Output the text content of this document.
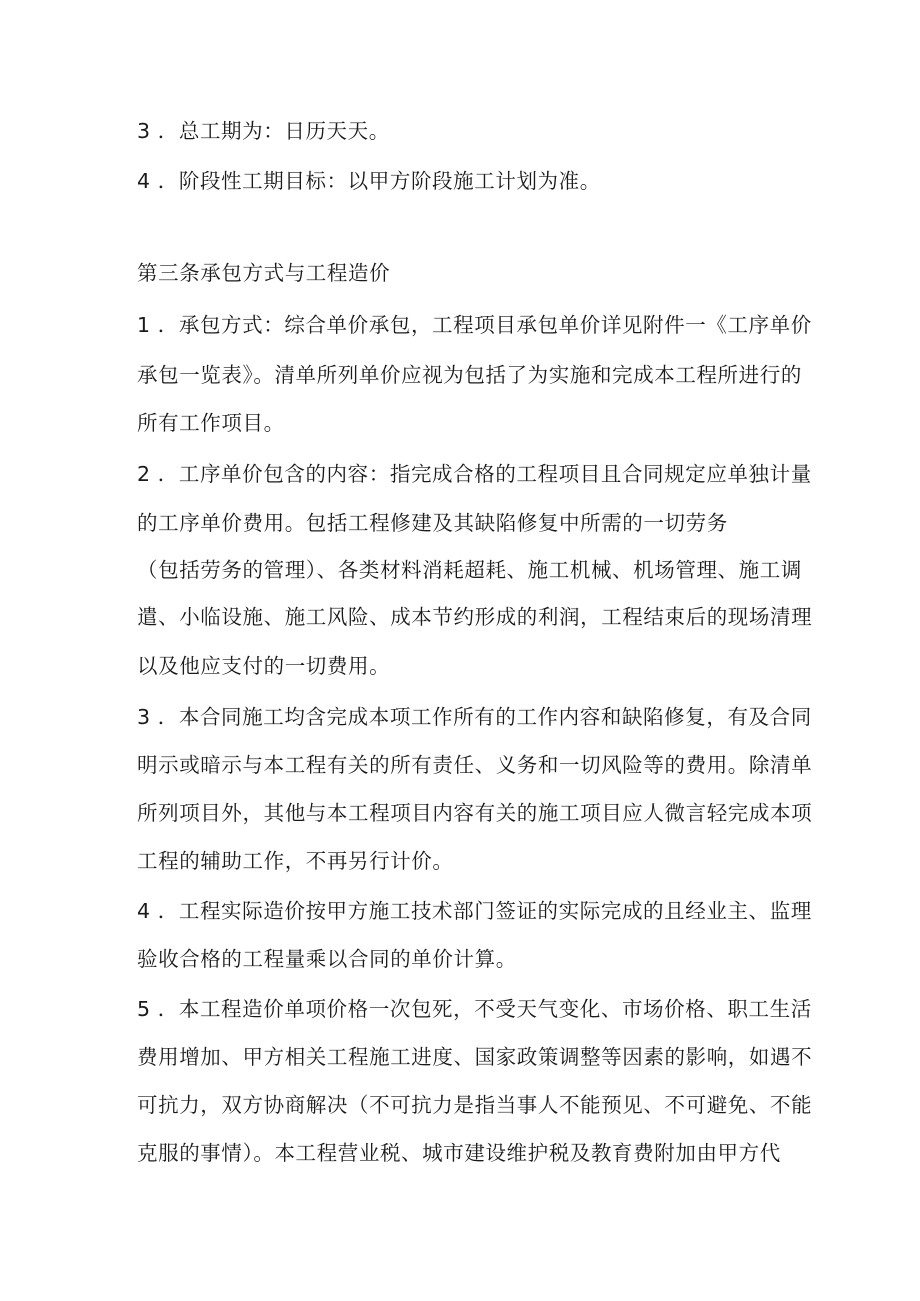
3 ．总工期为：日历天天。
4 ．阶段性工期目标：以甲方阶段施工计划为准。
第三条承包方式与工程造价
1 ．承包方式：综合单价承包，工程项目承包单价详见附件一《工序单价
承包一览表》。清单所列单价应视为包括了为实施和完成本工程所进行的
所有工作项目。
2 ．工序单价包含的内容：指完成合格的工程项目且合同规定应单独计量
的工序单价费用。包括工程修建及其缺陷修复中所需的一切劳务
（包括劳务的管理）、各类材料消耗超耗、施工机械、机场管理、施工调
遣、小临设施、施工风险、成本节约形成的利润，工程结束后的现场清理
以及他应支付的一切费用。
3 ．本合同施工均含完成本项工作所有的工作内容和缺陷修复，有及合同
明示或暗示与本工程有关的所有责任、义务和一切风险等的费用。除清单
所列项目外，其他与本工程项目内容有关的施工项目应人微言轻完成本项
工程的辅助工作，不再另行计价。
4 ．工程实际造价按甲方施工技术部门签证的实际完成的且经业主、监理
验收合格的工程量乘以合同的单价计算。
5 ．本工程造价单项价格一次包死，不受天气变化、市场价格、职工生活
费用增加、甲方相关工程施工进度、国家政策调整等因素的影响，如遇不
可抗力，双方协商解决（不可抗力是指当事人不能预见、不可避免、不能
克服的事情）。本工程营业税、城市建设维护税及教育费附加由甲方代
